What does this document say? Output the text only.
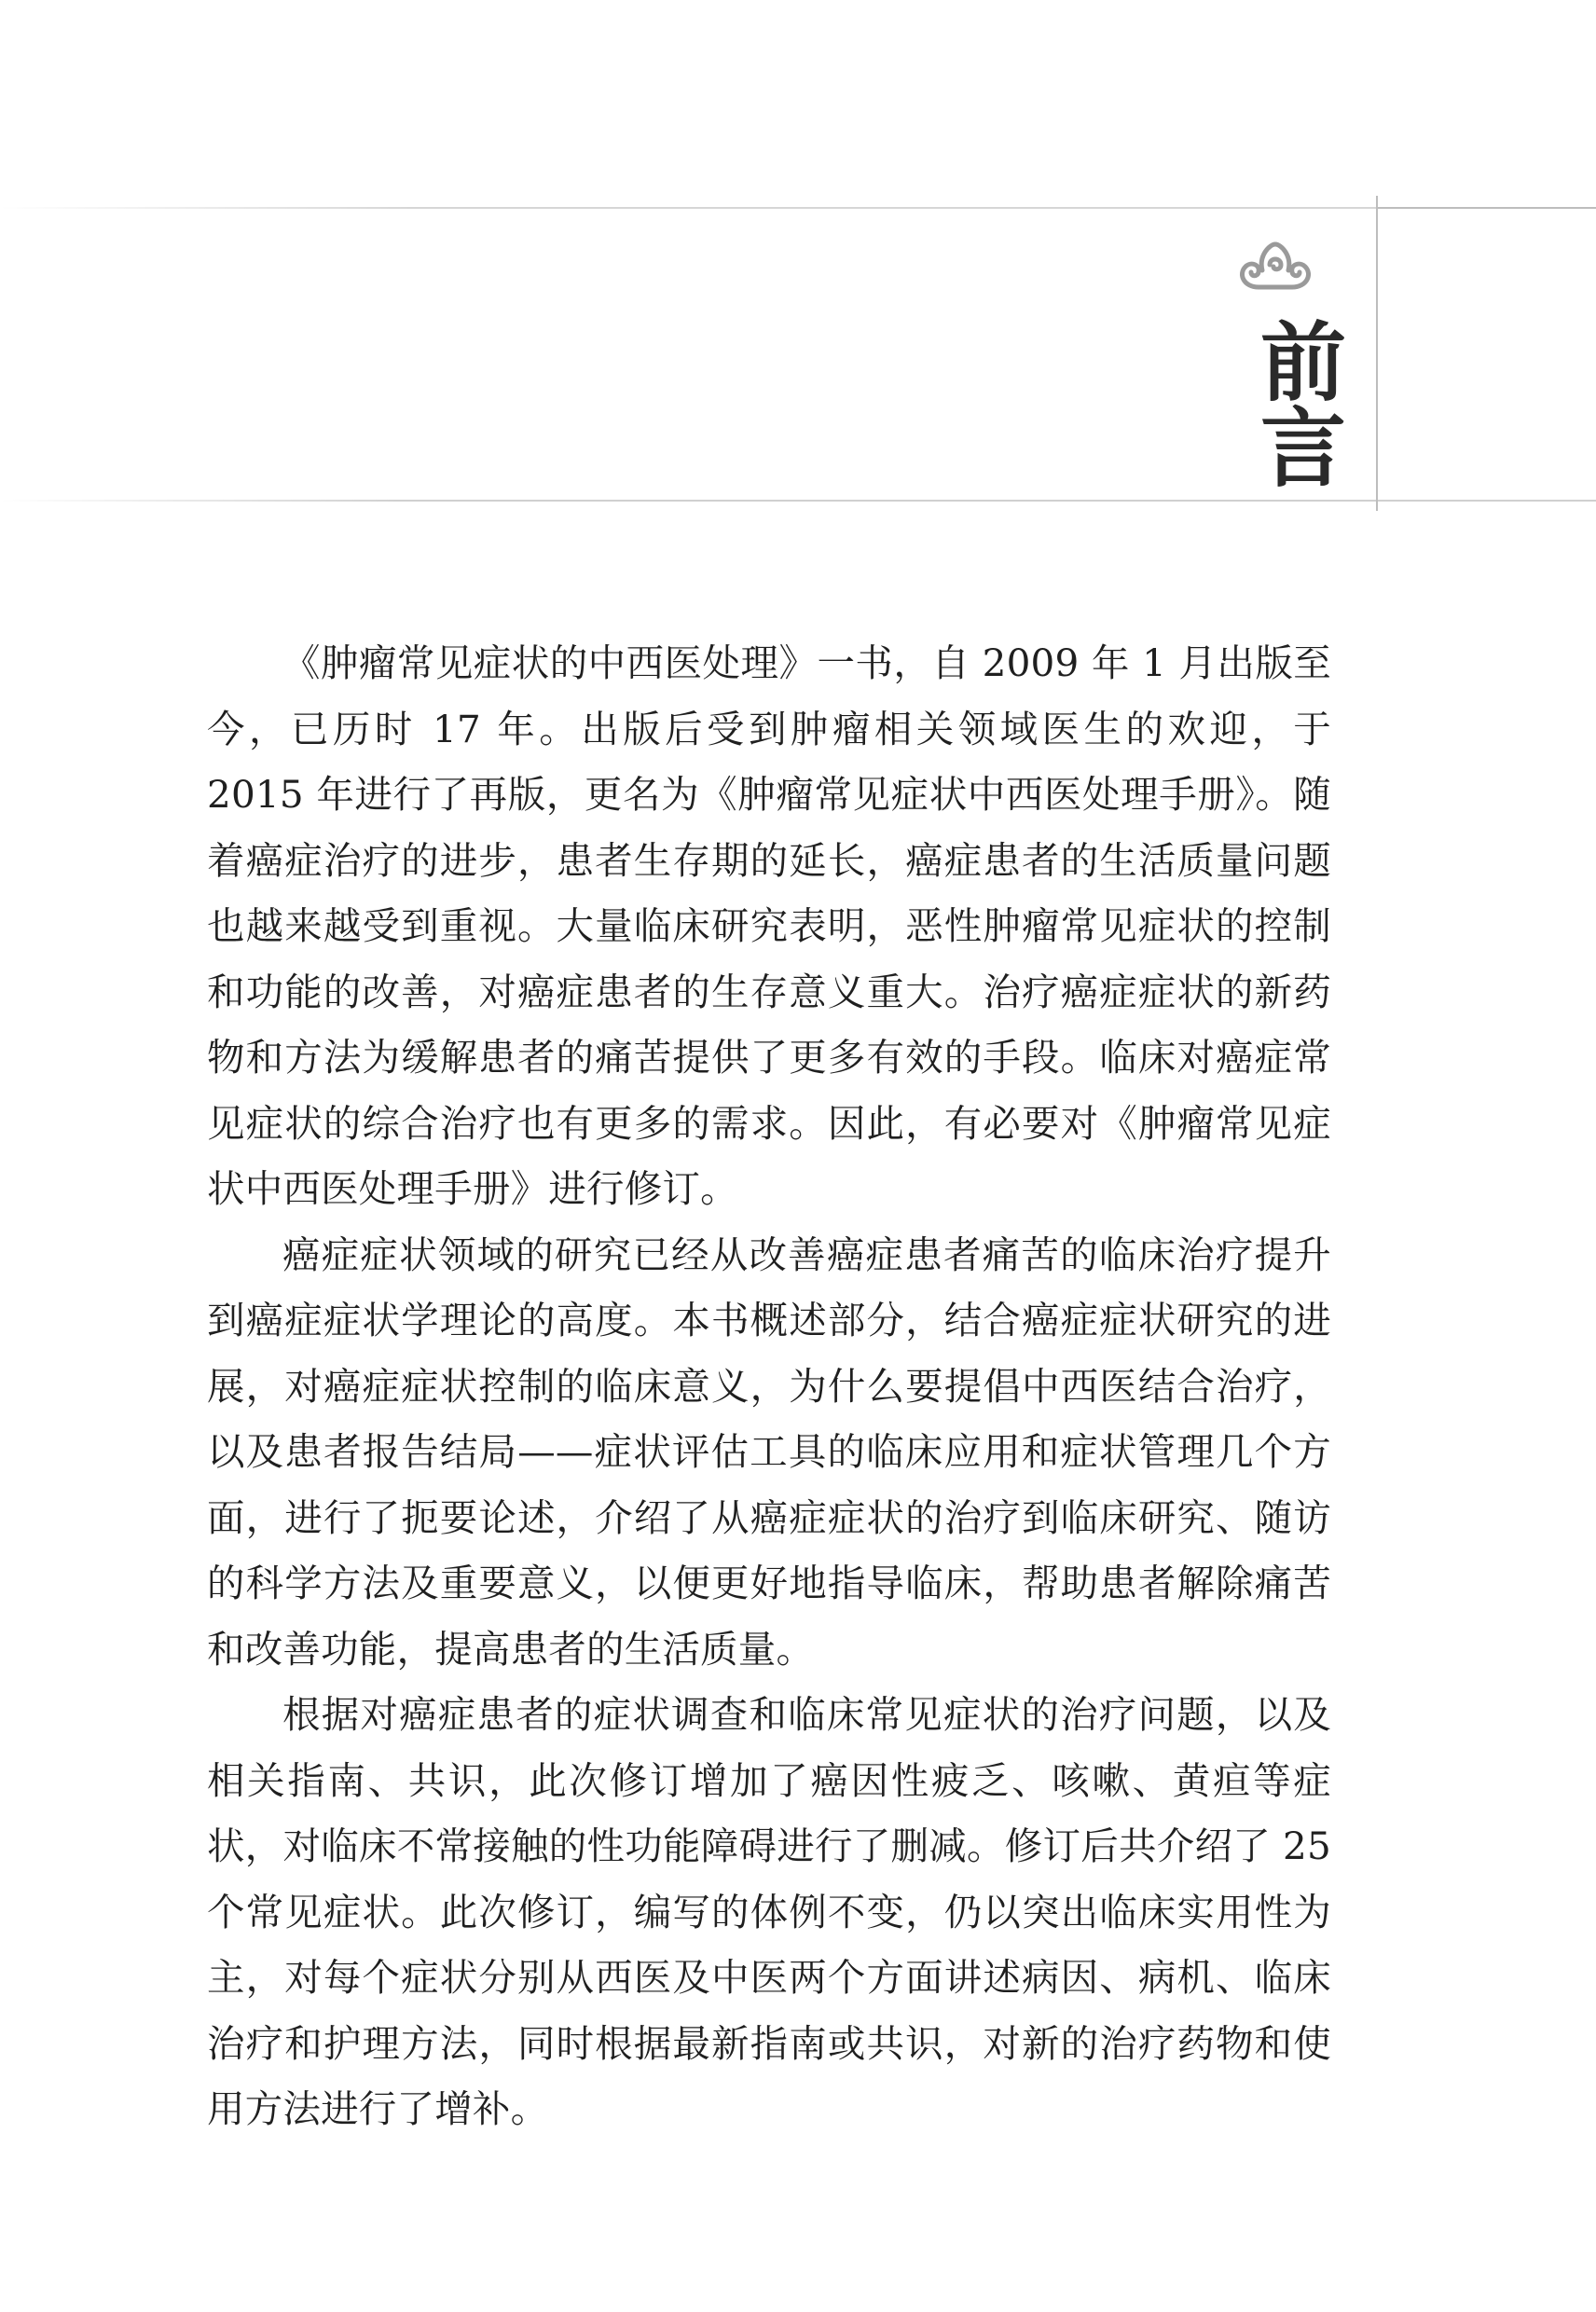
前言

《肿瘤常见症状的中西医处理》一书，自 2009 年 1 月出版至今，已历时 17 年。出版后受到肿瘤相关领域医生的欢迎，于 2015 年进行了再版，更名为《肿瘤常见症状中西医处理手册》。随着癌症治疗的进步，患者生存期的延长，癌症患者的生活质量问题也越来越受到重视。大量临床研究表明，恶性肿瘤常见症状的控制和功能的改善，对癌症患者的生存意义重大。治疗癌症症状的新药物和方法为缓解患者的痛苦提供了更多有效的手段。临床对癌症常见症状的综合治疗也有更多的需求。因此，有必要对《肿瘤常见症状中西医处理手册》进行修订。

癌症症状领域的研究已经从改善癌症患者痛苦的临床治疗提升到癌症症状学理论的高度。本书概述部分，结合癌症症状研究的进展，对癌症症状控制的临床意义，为什么要提倡中西医结合治疗，以及患者报告结局——症状评估工具的临床应用和症状管理几个方面，进行了扼要论述，介绍了从癌症症状的治疗到临床研究、随访的科学方法及重要意义，以便更好地指导临床，帮助患者解除痛苦和改善功能，提高患者的生活质量。

根据对癌症患者的症状调查和临床常见症状的治疗问题，以及相关指南、共识，此次修订增加了癌因性疲乏、咳嗽、黄疸等症状，对临床不常接触的性功能障碍进行了删减。修订后共介绍了 25 个常见症状。此次修订，编写的体例不变，仍以突出临床实用性为主，对每个症状分别从西医及中医两个方面讲述病因、病机、临床治疗和护理方法，同时根据最新指南或共识，对新的治疗药物和使用方法进行了增补。
